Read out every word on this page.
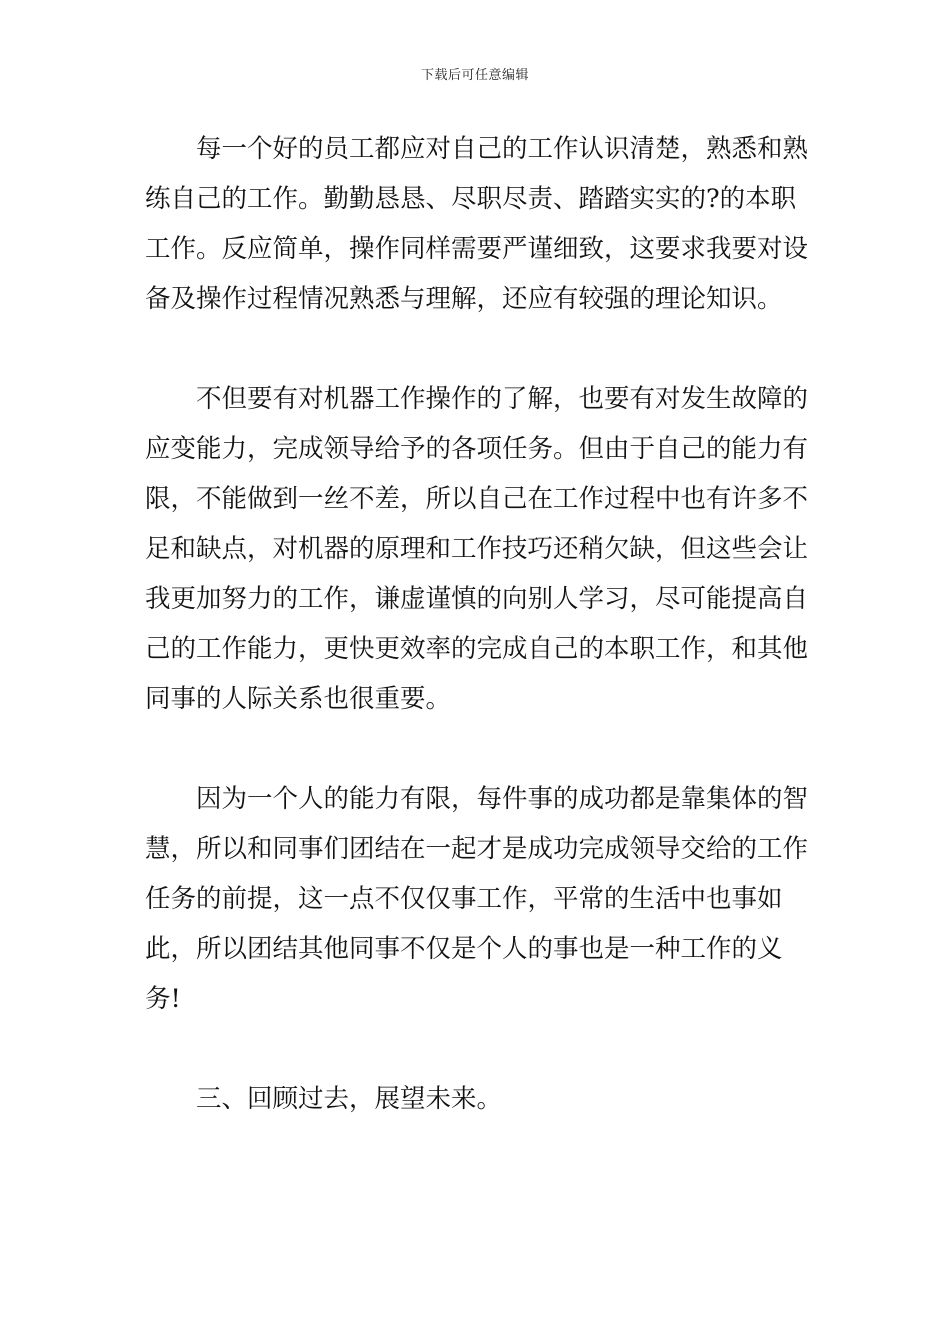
下载后可任意编辑

每一个好的员工都应对自己的工作认识清楚，熟悉和熟练自己的工作。勤勤恳恳、尽职尽责、踏踏实实的?的本职工作。反应简单，操作同样需要严谨细致，这要求我要对设备及操作过程情况熟悉与理解，还应有较强的理论知识。

不但要有对机器工作操作的了解，也要有对发生故障的应变能力，完成领导给予的各项任务。但由于自己的能力有限，不能做到一丝不差，所以自己在工作过程中也有许多不足和缺点，对机器的原理和工作技巧还稍欠缺，但这些会让我更加努力的工作，谦虚谨慎的向别人学习，尽可能提高自己的工作能力，更快更效率的完成自己的本职工作，和其他同事的人际关系也很重要。

因为一个人的能力有限，每件事的成功都是靠集体的智慧，所以和同事们团结在一起才是成功完成领导交给的工作任务的前提，这一点不仅仅事工作，平常的生活中也事如此，所以团结其他同事不仅是个人的事也是一种工作的义务!

三、回顾过去，展望未来。
